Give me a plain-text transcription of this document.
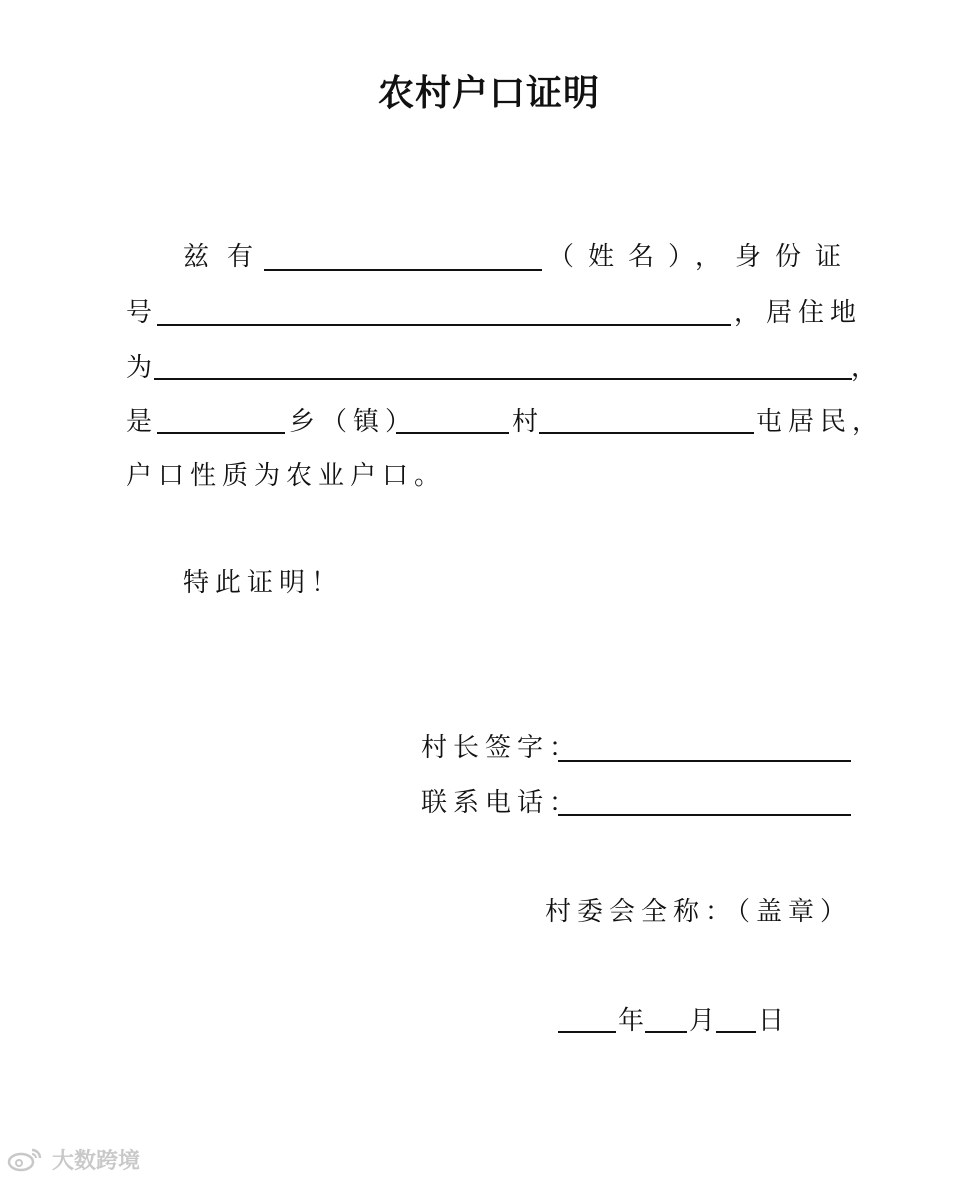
农村户口证明
兹有	（姓名），身份证
号	，居住地
为	，
是	乡（镇）	村	屯居民，
户口性质为农业户口。
特此证明！
村长签字：
联系电话：
村委会全称：（盖章）
年 月 日
大数跨境
